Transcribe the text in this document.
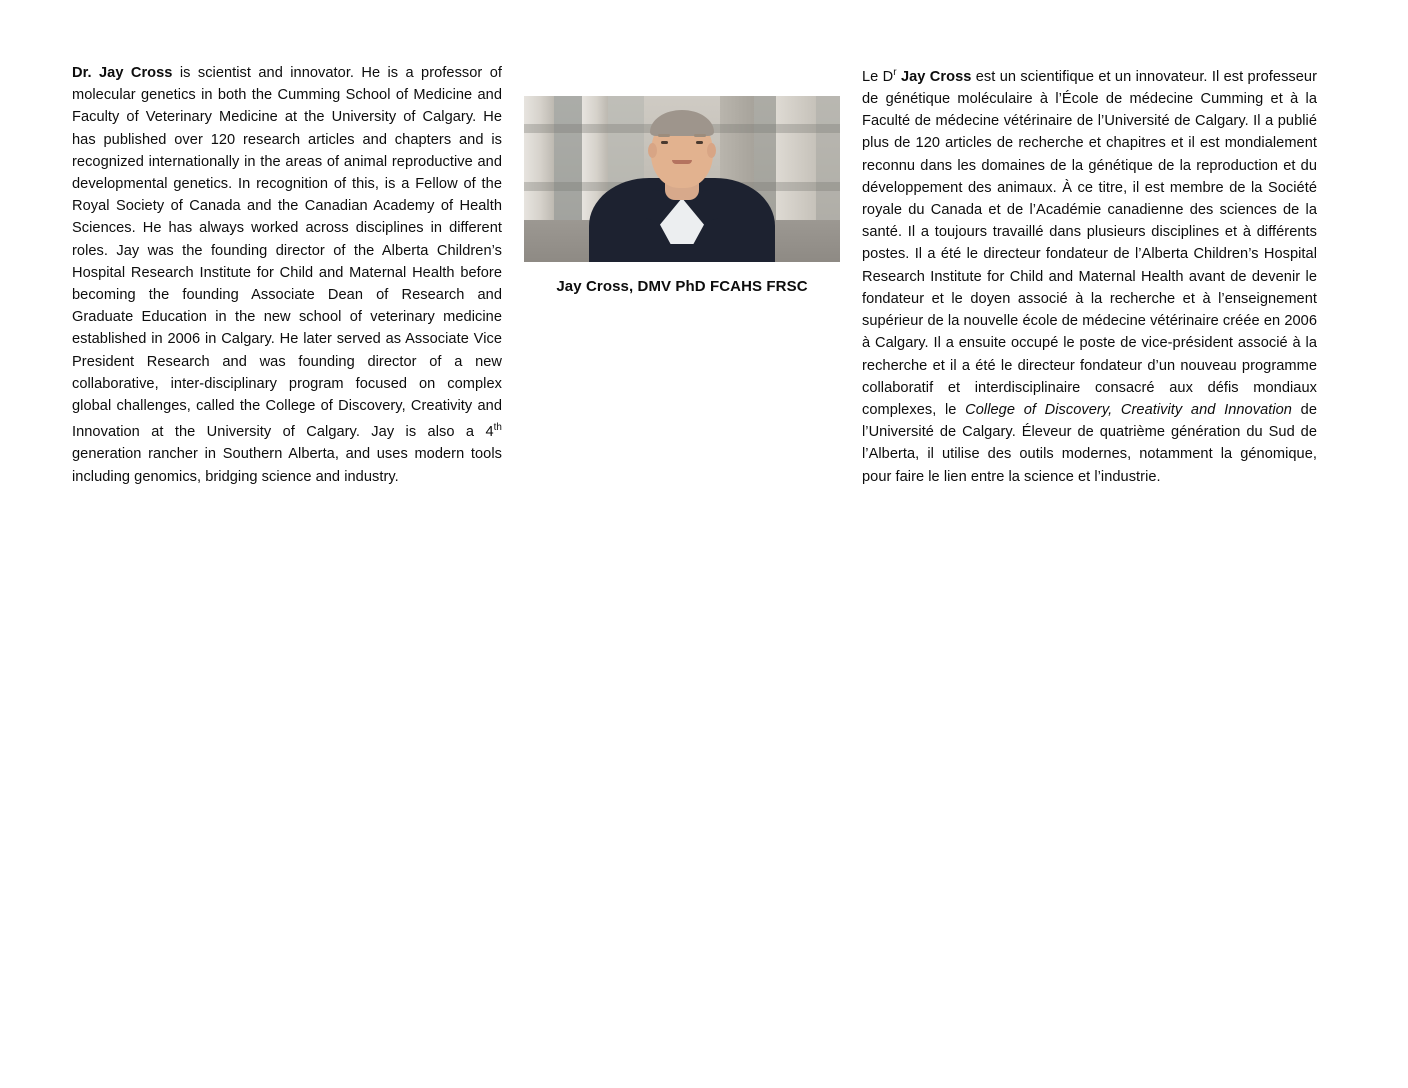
Dr. Jay Cross is scientist and innovator. He is a professor of molecular genetics in both the Cumming School of Medicine and Faculty of Veterinary Medicine at the University of Calgary. He has published over 120 research articles and chapters and is recognized internationally in the areas of animal reproductive and developmental genetics. In recognition of this, is a Fellow of the Royal Society of Canada and the Canadian Academy of Health Sciences. He has always worked across disciplines in different roles. Jay was the founding director of the Alberta Children’s Hospital Research Institute for Child and Maternal Health before becoming the founding Associate Dean of Research and Graduate Education in the new school of veterinary medicine established in 2006 in Calgary. He later served as Associate Vice President Research and was founding director of a new collaborative, inter-disciplinary program focused on complex global challenges, called the College of Discovery, Creativity and Innovation at the University of Calgary. Jay is also a 4th generation rancher in Southern Alberta, and uses modern tools including genomics, bridging science and industry.

Jay Cross, DMV PhD FCAHS FRSC

Le $D^r$ Jay Cross est un scientifique et un innovateur. Il est professeur de génétique moléculaire à l’École de médecine Cumming et à la Faculté de médecine vétérinaire de l’Université de Calgary. Il a publié plus de 120 articles de recherche et chapitres et il est mondialement reconnu dans les domaines de la génétique de la reproduction et du développement des animaux. À ce titre, il est membre de la Société royale du Canada et de l’Académie canadienne des sciences de la santé. Il a toujours travaillé dans plusieurs disciplines et à différents postes. Il a été le directeur fondateur de l’Alberta Children’s Hospital Research Institute for Child and Maternal Health avant de devenir le fondateur et le doyen associé à la recherche et à l’enseignement supérieur de la nouvelle école de médecine vétérinaire créée en 2006 à Calgary. Il a ensuite occupé le poste de vice-président associé à la recherche et il a été le directeur fondateur d’un nouveau programme collaboratif et interdisciplinaire consacré aux défis mondiaux complexes, le College of Discovery, Creativity and Innovation de l’Université de Calgary. Éleveur de quatrième génération du Sud de l’Alberta, il utilise des outils modernes, notamment la génomique, pour faire le lien entre la science et l’industrie.
